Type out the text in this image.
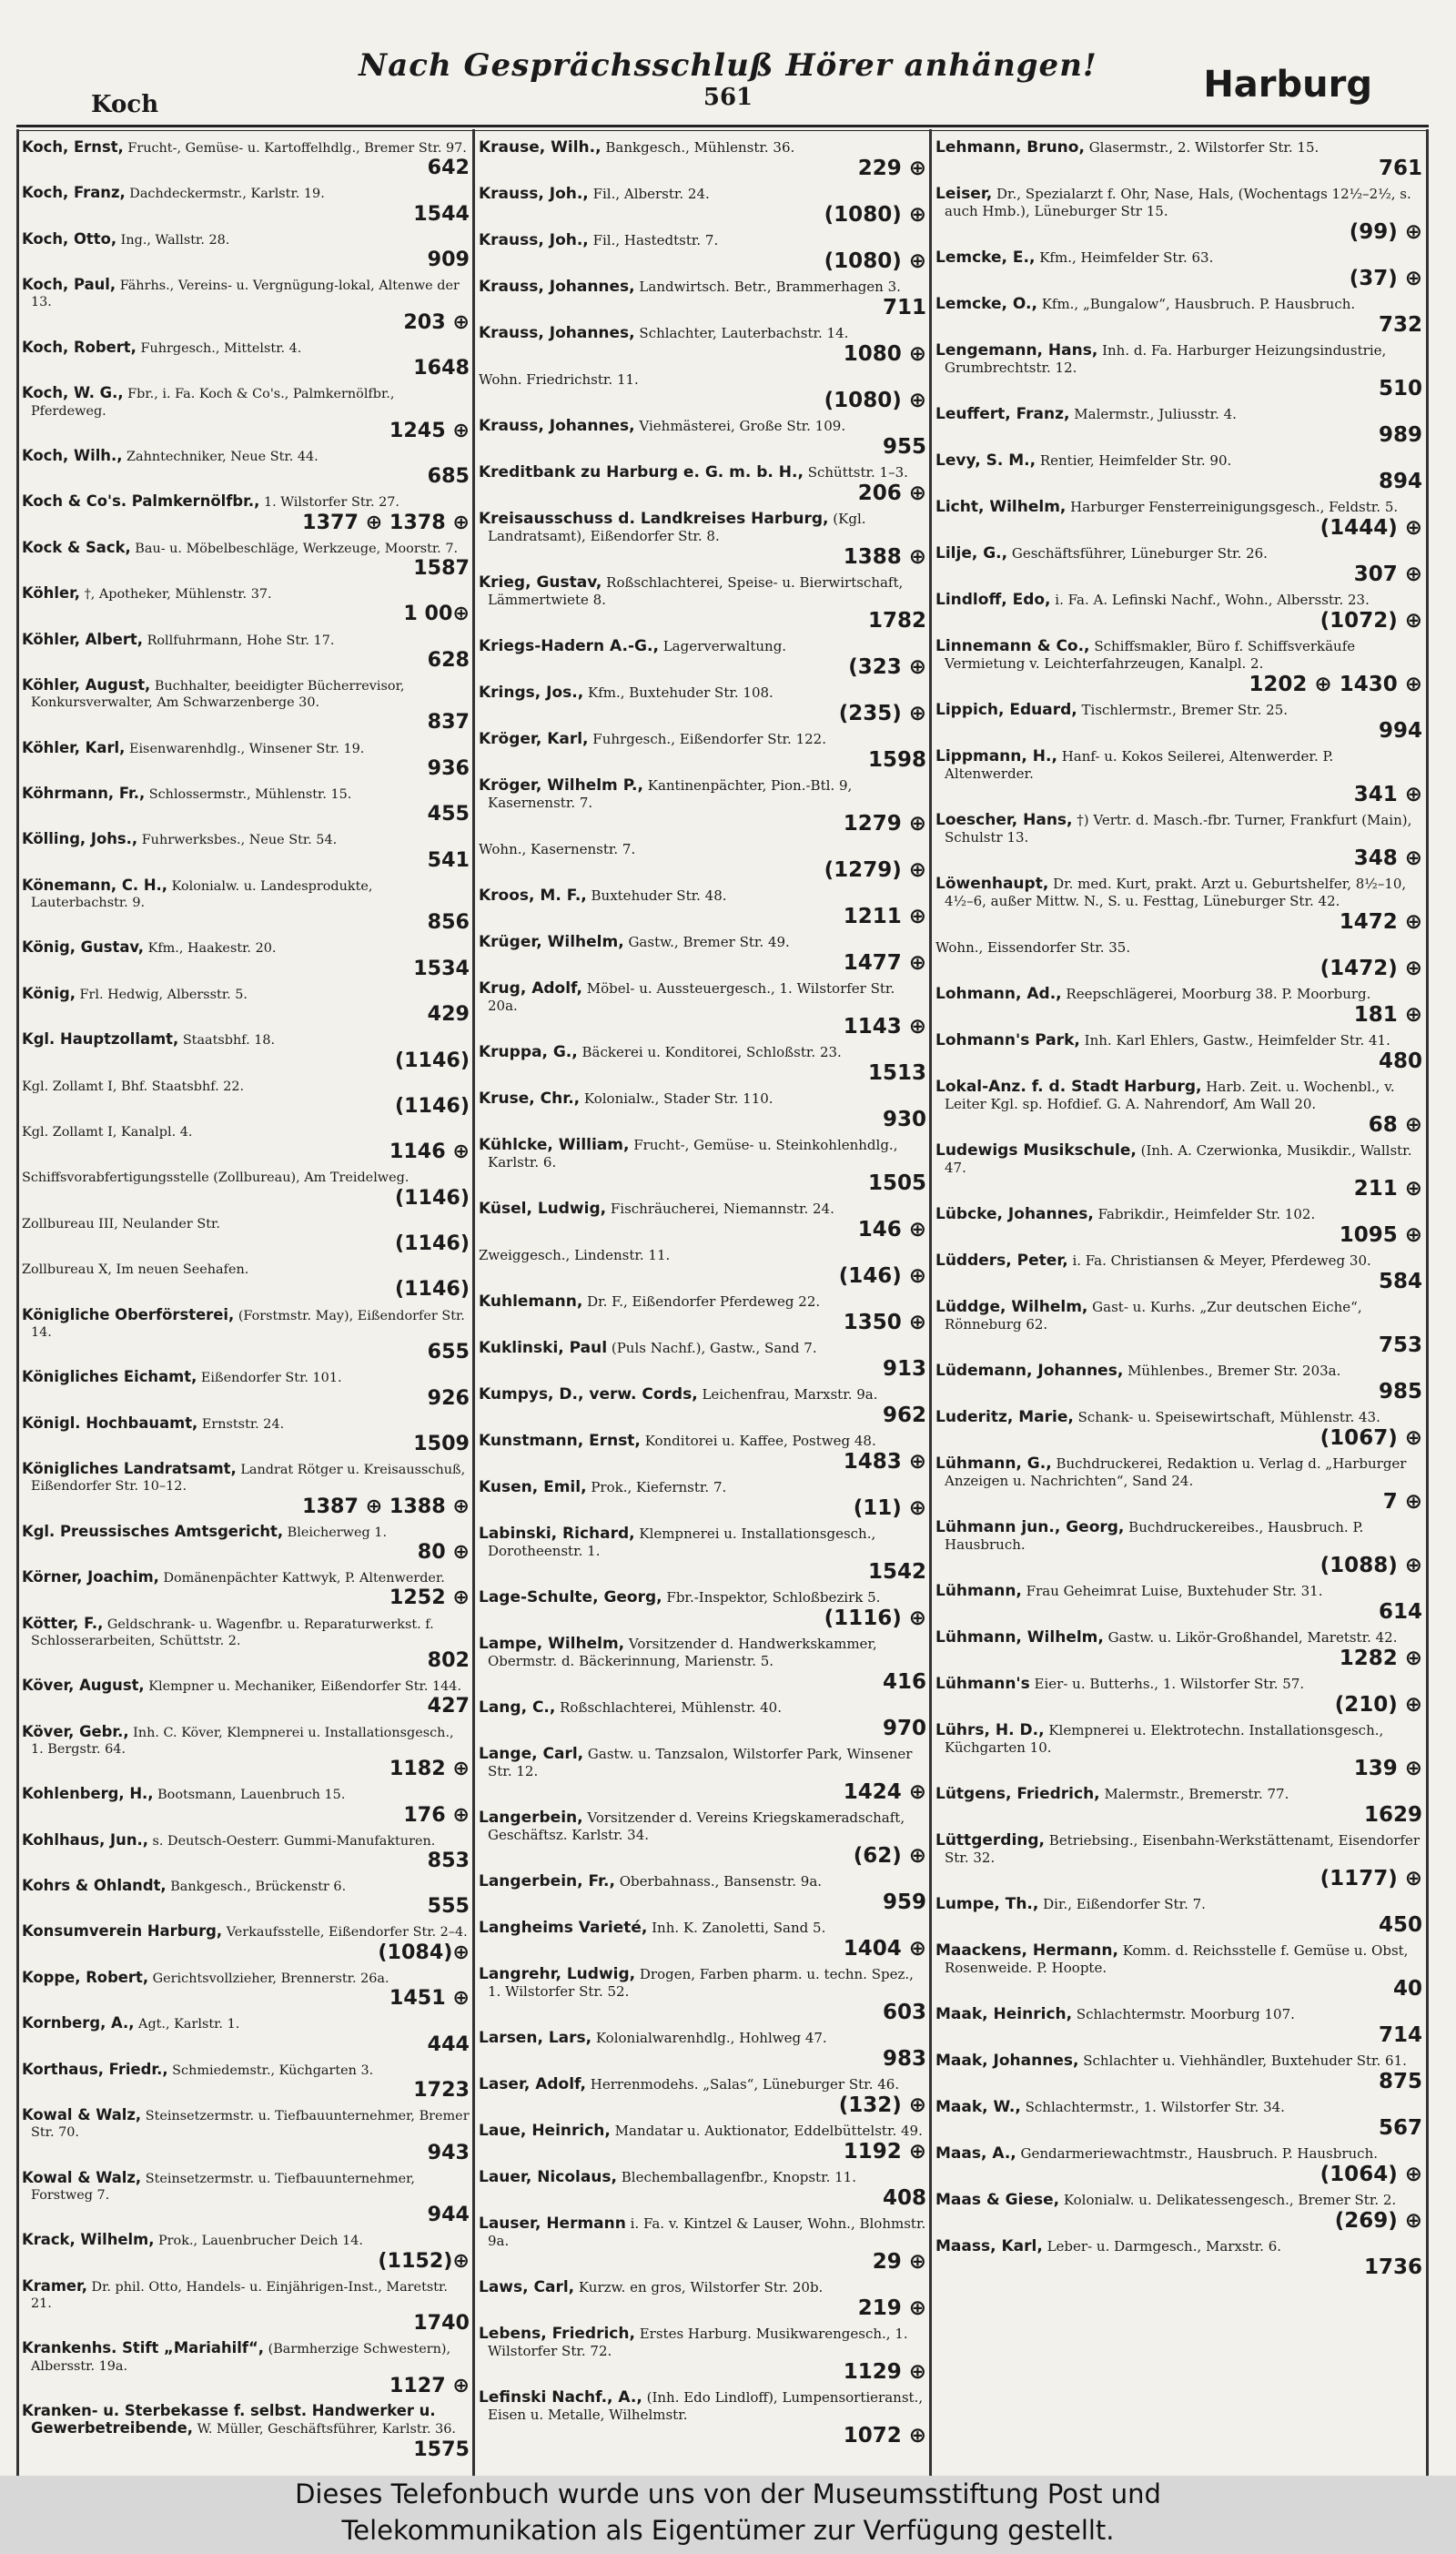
Nach Gesprächsschluß Hörer anhängen!
Koch	561	Harburg

Koch, Ernst, Frucht-, Gemüse- u. Kartoffelhdlg., Bremer Str. 97.
642

Koch, Franz, Dachdeckermstr., Karlstr. 19.
1544

Koch, Otto, Ing., Wallstr. 28.
909

Koch, Paul, Fährhs., Vereins- u. Vergnügung-lokal, Altenwe der 13.
203 ⊕

Koch, Robert, Fuhrgesch., Mittelstr. 4.
1648

Koch, W. G., Fbr., i. Fa. Koch & Co's., Palmkernölfbr., Pferdeweg.
1245 ⊕

Koch, Wilh., Zahntechniker, Neue Str. 44.
685

Koch & Co's. Palmkernölfbr., 1. Wilstorfer Str. 27.
1377 ⊕ 1378 ⊕

Kock & Sack, Bau- u. Möbelbeschläge, Werkzeuge, Moorstr. 7.
1587

Köhler, †, Apotheker, Mühlenstr. 37.
1 00⊕

Köhler, Albert, Rollfuhrmann, Hohe Str. 17.
628

Köhler, August, Buchhalter, beeidigter Bücherrevisor, Konkursverwalter, Am Schwarzenberge 30.
837

Köhler, Karl, Eisenwarenhdlg., Winsener Str. 19.
936

Köhrmann, Fr., Schlossermstr., Mühlenstr. 15.
455

Kölling, Johs., Fuhrwerksbes., Neue Str. 54.
541

Könemann, C. H., Kolonialw. u. Landesprodukte, Lauterbachstr. 9.
856

König, Gustav, Kfm., Haakestr. 20.
1534

König, Frl. Hedwig, Albersstr. 5.
429

Kgl. Hauptzollamt, Staatsbhf. 18.
(1146)

Kgl. Zollamt I, Bhf. Staatsbhf. 22.
(1146)

Kgl. Zollamt I, Kanalpl. 4.
1146 ⊕

Schiffsvorabfertigungsstelle (Zollbureau), Am Treidelweg.
(1146)

Zollbureau III, Neulander Str.
(1146)

Zollbureau X, Im neuen Seehafen.
(1146)

Königliche Oberförsterei, (Forstmstr. May), Eißendorfer Str. 14.
655

Königliches Eichamt, Eißendorfer Str. 101.
926

Königl. Hochbauamt, Ernststr. 24.
1509

Königliches Landratsamt, Landrat Rötger u. Kreisausschuß, Eißendorfer Str. 10–12.
1387 ⊕ 1388 ⊕

Kgl. Preussisches Amtsgericht, Bleicherweg 1.
80 ⊕

Körner, Joachim, Domänenpächter Kattwyk, P. Altenwerder.
1252 ⊕

Kötter, F., Geldschrank- u. Wagenfbr. u. Reparaturwerkst. f. Schlosserarbeiten, Schüttstr. 2.
802

Köver, August, Klempner u. Mechaniker, Eißendorfer Str. 144.
427

Köver, Gebr., Inh. C. Köver, Klempnerei u. Installationsgesch., 1. Bergstr. 64.
1182 ⊕

Kohlenberg, H., Bootsmann, Lauenbruch 15.
176 ⊕

Kohlhaus, Jun., s. Deutsch-Oesterr. Gummi-Manufakturen.
853

Kohrs & Ohlandt, Bankgesch., Brückenstr 6.
555

Konsumverein Harburg, Verkaufsstelle, Eißendorfer Str. 2–4.
(1084)⊕

Koppe, Robert, Gerichtsvollzieher, Brennerstr. 26a.
1451 ⊕

Kornberg, A., Agt., Karlstr. 1.
444

Korthaus, Friedr., Schmiedemstr., Küchgarten 3.
1723

Kowal & Walz, Steinsetzermstr. u. Tiefbauunternehmer, Bremer Str. 70.
943

Kowal & Walz, Steinsetzermstr. u. Tiefbauunternehmer, Forstweg 7.
944

Krack, Wilhelm, Prok., Lauenbrucher Deich 14.
(1152)⊕

Kramer, Dr. phil. Otto, Handels- u. Einjährigen-Inst., Maretstr. 21.
1740

Krankenhs. Stift „Mariahilf“, (Barmherzige Schwestern), Albersstr. 19a.
1127 ⊕

Kranken- u. Sterbekasse f. selbst. Handwerker u. Gewerbetreibende, W. Müller, Geschäftsführer, Karlstr. 36.
1575

Krause, Wilh., Bankgesch., Mühlenstr. 36.
229 ⊕

Krauss, Joh., Fil., Alberstr. 24.
(1080) ⊕

Krauss, Joh., Fil., Hastedtstr. 7.
(1080) ⊕

Krauss, Johannes, Landwirtsch. Betr., Brammerhagen 3.
711

Krauss, Johannes, Schlachter, Lauterbachstr. 14.
1080 ⊕

Wohn. Friedrichstr. 11.
(1080) ⊕

Krauss, Johannes, Viehmästerei, Große Str. 109.
955

Kreditbank zu Harburg e. G. m. b. H., Schüttstr. 1–3.
206 ⊕

Kreisausschuss d. Landkreises Harburg, (Kgl. Landratsamt), Eißendorfer Str. 8.
1388 ⊕

Krieg, Gustav, Roßschlachterei, Speise- u. Bierwirtschaft, Lämmertwiete 8.
1782

Kriegs-Hadern A.-G., Lagerverwaltung.
(323 ⊕

Krings, Jos., Kfm., Buxtehuder Str. 108.
(235) ⊕

Kröger, Karl, Fuhrgesch., Eißendorfer Str. 122.
1598

Kröger, Wilhelm P., Kantinenpächter, Pion.-Btl. 9, Kasernenstr. 7.
1279 ⊕

Wohn., Kasernenstr. 7.
(1279) ⊕

Kroos, M. F., Buxtehuder Str. 48.
1211 ⊕

Krüger, Wilhelm, Gastw., Bremer Str. 49.
1477 ⊕

Krug, Adolf, Möbel- u. Aussteuergesch., 1. Wilstorfer Str. 20a.
1143 ⊕

Kruppa, G., Bäckerei u. Konditorei, Schloßstr. 23.
1513

Kruse, Chr., Kolonialw., Stader Str. 110.
930

Kühlcke, William, Frucht-, Gemüse- u. Steinkohlenhdlg., Karlstr. 6.
1505

Küsel, Ludwig, Fischräucherei, Niemannstr. 24.
146 ⊕

Zweiggesch., Lindenstr. 11.
(146) ⊕

Kuhlemann, Dr. F., Eißendorfer Pferdeweg 22.
1350 ⊕

Kuklinski, Paul (Puls Nachf.), Gastw., Sand 7.
913

Kumpys, D., verw. Cords, Leichenfrau, Marxstr. 9a.
962

Kunstmann, Ernst, Konditorei u. Kaffee, Postweg 48.
1483 ⊕

Kusen, Emil, Prok., Kiefernstr. 7.
(11) ⊕

Labinski, Richard, Klempnerei u. Installationsgesch., Dorotheenstr. 1.
1542

Lage-Schulte, Georg, Fbr.-Inspektor, Schloßbezirk 5.
(1116) ⊕

Lampe, Wilhelm, Vorsitzender d. Handwerkskammer, Obermstr. d. Bäckerinnung, Marienstr. 5.
416

Lang, C., Roßschlachterei, Mühlenstr. 40.
970

Lange, Carl, Gastw. u. Tanzsalon, Wilstorfer Park, Winsener Str. 12.
1424 ⊕

Langerbein, Vorsitzender d. Vereins Kriegskameradschaft, Geschäftsz. Karlstr. 34.
(62) ⊕

Langerbein, Fr., Oberbahnass., Bansenstr. 9a.
959

Langheims Varieté, Inh. K. Zanoletti, Sand 5.
1404 ⊕

Langrehr, Ludwig, Drogen, Farben pharm. u. techn. Spez., 1. Wilstorfer Str. 52.
603

Larsen, Lars, Kolonialwarenhdlg., Hohlweg 47.
983

Laser, Adolf, Herrenmodehs. „Salas“, Lüneburger Str. 46.
(132) ⊕

Laue, Heinrich, Mandatar u. Auktionator, Eddelbüttelstr. 49.
1192 ⊕

Lauer, Nicolaus, Blechemballagenfbr., Knopstr. 11.
408

Lauser, Hermann i. Fa. v. Kintzel & Lauser, Wohn., Blohmstr. 9a.
29 ⊕

Laws, Carl, Kurzw. en gros, Wilstorfer Str. 20b.
219 ⊕

Lebens, Friedrich, Erstes Harburg. Musikwarengesch., 1. Wilstorfer Str. 72.
1129 ⊕

Lefinski Nachf., A., (Inh. Edo Lindloff), Lumpensortieranst., Eisen u. Metalle, Wilhelmstr.
1072 ⊕

Lehmann, Bruno, Glasermstr., 2. Wilstorfer Str. 15.
761

Leiser, Dr., Spezialarzt f. Ohr, Nase, Hals, (Wochentags 12½–2½, s. auch Hmb.), Lüneburger Str 15.
(99) ⊕

Lemcke, E., Kfm., Heimfelder Str. 63.
(37) ⊕

Lemcke, O., Kfm., „Bungalow“, Hausbruch. P. Hausbruch.
732

Lengemann, Hans, Inh. d. Fa. Harburger Heizungsindustrie, Grumbrechtstr. 12.
510

Leuffert, Franz, Malermstr., Juliusstr. 4.
989

Levy, S. M., Rentier, Heimfelder Str. 90.
894

Licht, Wilhelm, Harburger Fensterreinigungsgesch., Feldstr. 5.
(1444) ⊕

Lilje, G., Geschäftsführer, Lüneburger Str. 26.
307 ⊕

Lindloff, Edo, i. Fa. A. Lefinski Nachf., Wohn., Albersstr. 23.
(1072) ⊕

Linnemann & Co., Schiffsmakler, Büro f. Schiffsverkäufe Vermietung v. Leichterfahrzeugen, Kanalpl. 2.
1202 ⊕ 1430 ⊕

Lippich, Eduard, Tischlermstr., Bremer Str. 25.
994

Lippmann, H., Hanf- u. Kokos Seilerei, Altenwerder. P. Altenwerder.
341 ⊕

Loescher, Hans, †) Vertr. d. Masch.-fbr. Turner, Frankfurt (Main), Schulstr 13.
348 ⊕

Löwenhaupt, Dr. med. Kurt, prakt. Arzt u. Geburtshelfer, 8½–10, 4½–6, außer Mittw. N., S. u. Festtag, Lüneburger Str. 42.
1472 ⊕

Wohn., Eissendorfer Str. 35.
(1472) ⊕

Lohmann, Ad., Reepschlägerei, Moorburg 38. P. Moorburg.
181 ⊕

Lohmann's Park, Inh. Karl Ehlers, Gastw., Heimfelder Str. 41.
480

Lokal-Anz. f. d. Stadt Harburg, Harb. Zeit. u. Wochenbl., v. Leiter Kgl. sp. Hofdief. G. A. Nahrendorf, Am Wall 20.
68 ⊕

Ludewigs Musikschule, (Inh. A. Czerwionka, Musikdir., Wallstr. 47.
211 ⊕

Lübcke, Johannes, Fabrikdir., Heimfelder Str. 102.
1095 ⊕

Lüdders, Peter, i. Fa. Christiansen & Meyer, Pferdeweg 30.
584

Lüddge, Wilhelm, Gast- u. Kurhs. „Zur deutschen Eiche“, Rönneburg 62.
753

Lüdemann, Johannes, Mühlenbes., Bremer Str. 203a.
985

Luderitz, Marie, Schank- u. Speisewirtschaft, Mühlenstr. 43.
(1067) ⊕

Lühmann, G., Buchdruckerei, Redaktion u. Verlag d. „Harburger Anzeigen u. Nachrichten“, Sand 24.
7 ⊕

Lühmann jun., Georg, Buchdruckereibes., Hausbruch. P. Hausbruch.
(1088) ⊕

Lühmann, Frau Geheimrat Luise, Buxtehuder Str. 31.
614

Lühmann, Wilhelm, Gastw. u. Likör-Großhandel, Maretstr. 42.
1282 ⊕

Lühmann's Eier- u. Butterhs., 1. Wilstorfer Str. 57.
(210) ⊕

Lührs, H. D., Klempnerei u. Elektrotechn. Installationsgesch., Küchgarten 10.
139 ⊕

Lütgens, Friedrich, Malermstr., Bremerstr. 77.
1629

Lüttgerding, Betriebsing., Eisenbahn-Werkstättenamt, Eisendorfer Str. 32.
(1177) ⊕

Lumpe, Th., Dir., Eißendorfer Str. 7.
450

Maackens, Hermann, Komm. d. Reichsstelle f. Gemüse u. Obst, Rosenweide. P. Hoopte.
40

Maak, Heinrich, Schlachtermstr. Moorburg 107.
714

Maak, Johannes, Schlachter u. Viehhändler, Buxtehuder Str. 61.
875

Maak, W., Schlachtermstr., 1. Wilstorfer Str. 34.
567

Maas, A., Gendarmeriewachtmstr., Hausbruch. P. Hausbruch.
(1064) ⊕

Maas & Giese, Kolonialw. u. Delikatessengesch., Bremer Str. 2.
(269) ⊕

Maass, Karl, Leber- u. Darmgesch., Marxstr. 6.
1736

Dieses Telefonbuch wurde uns von der Museumsstiftung Post und
Telekommunikation als Eigentümer zur Verfügung gestellt.
